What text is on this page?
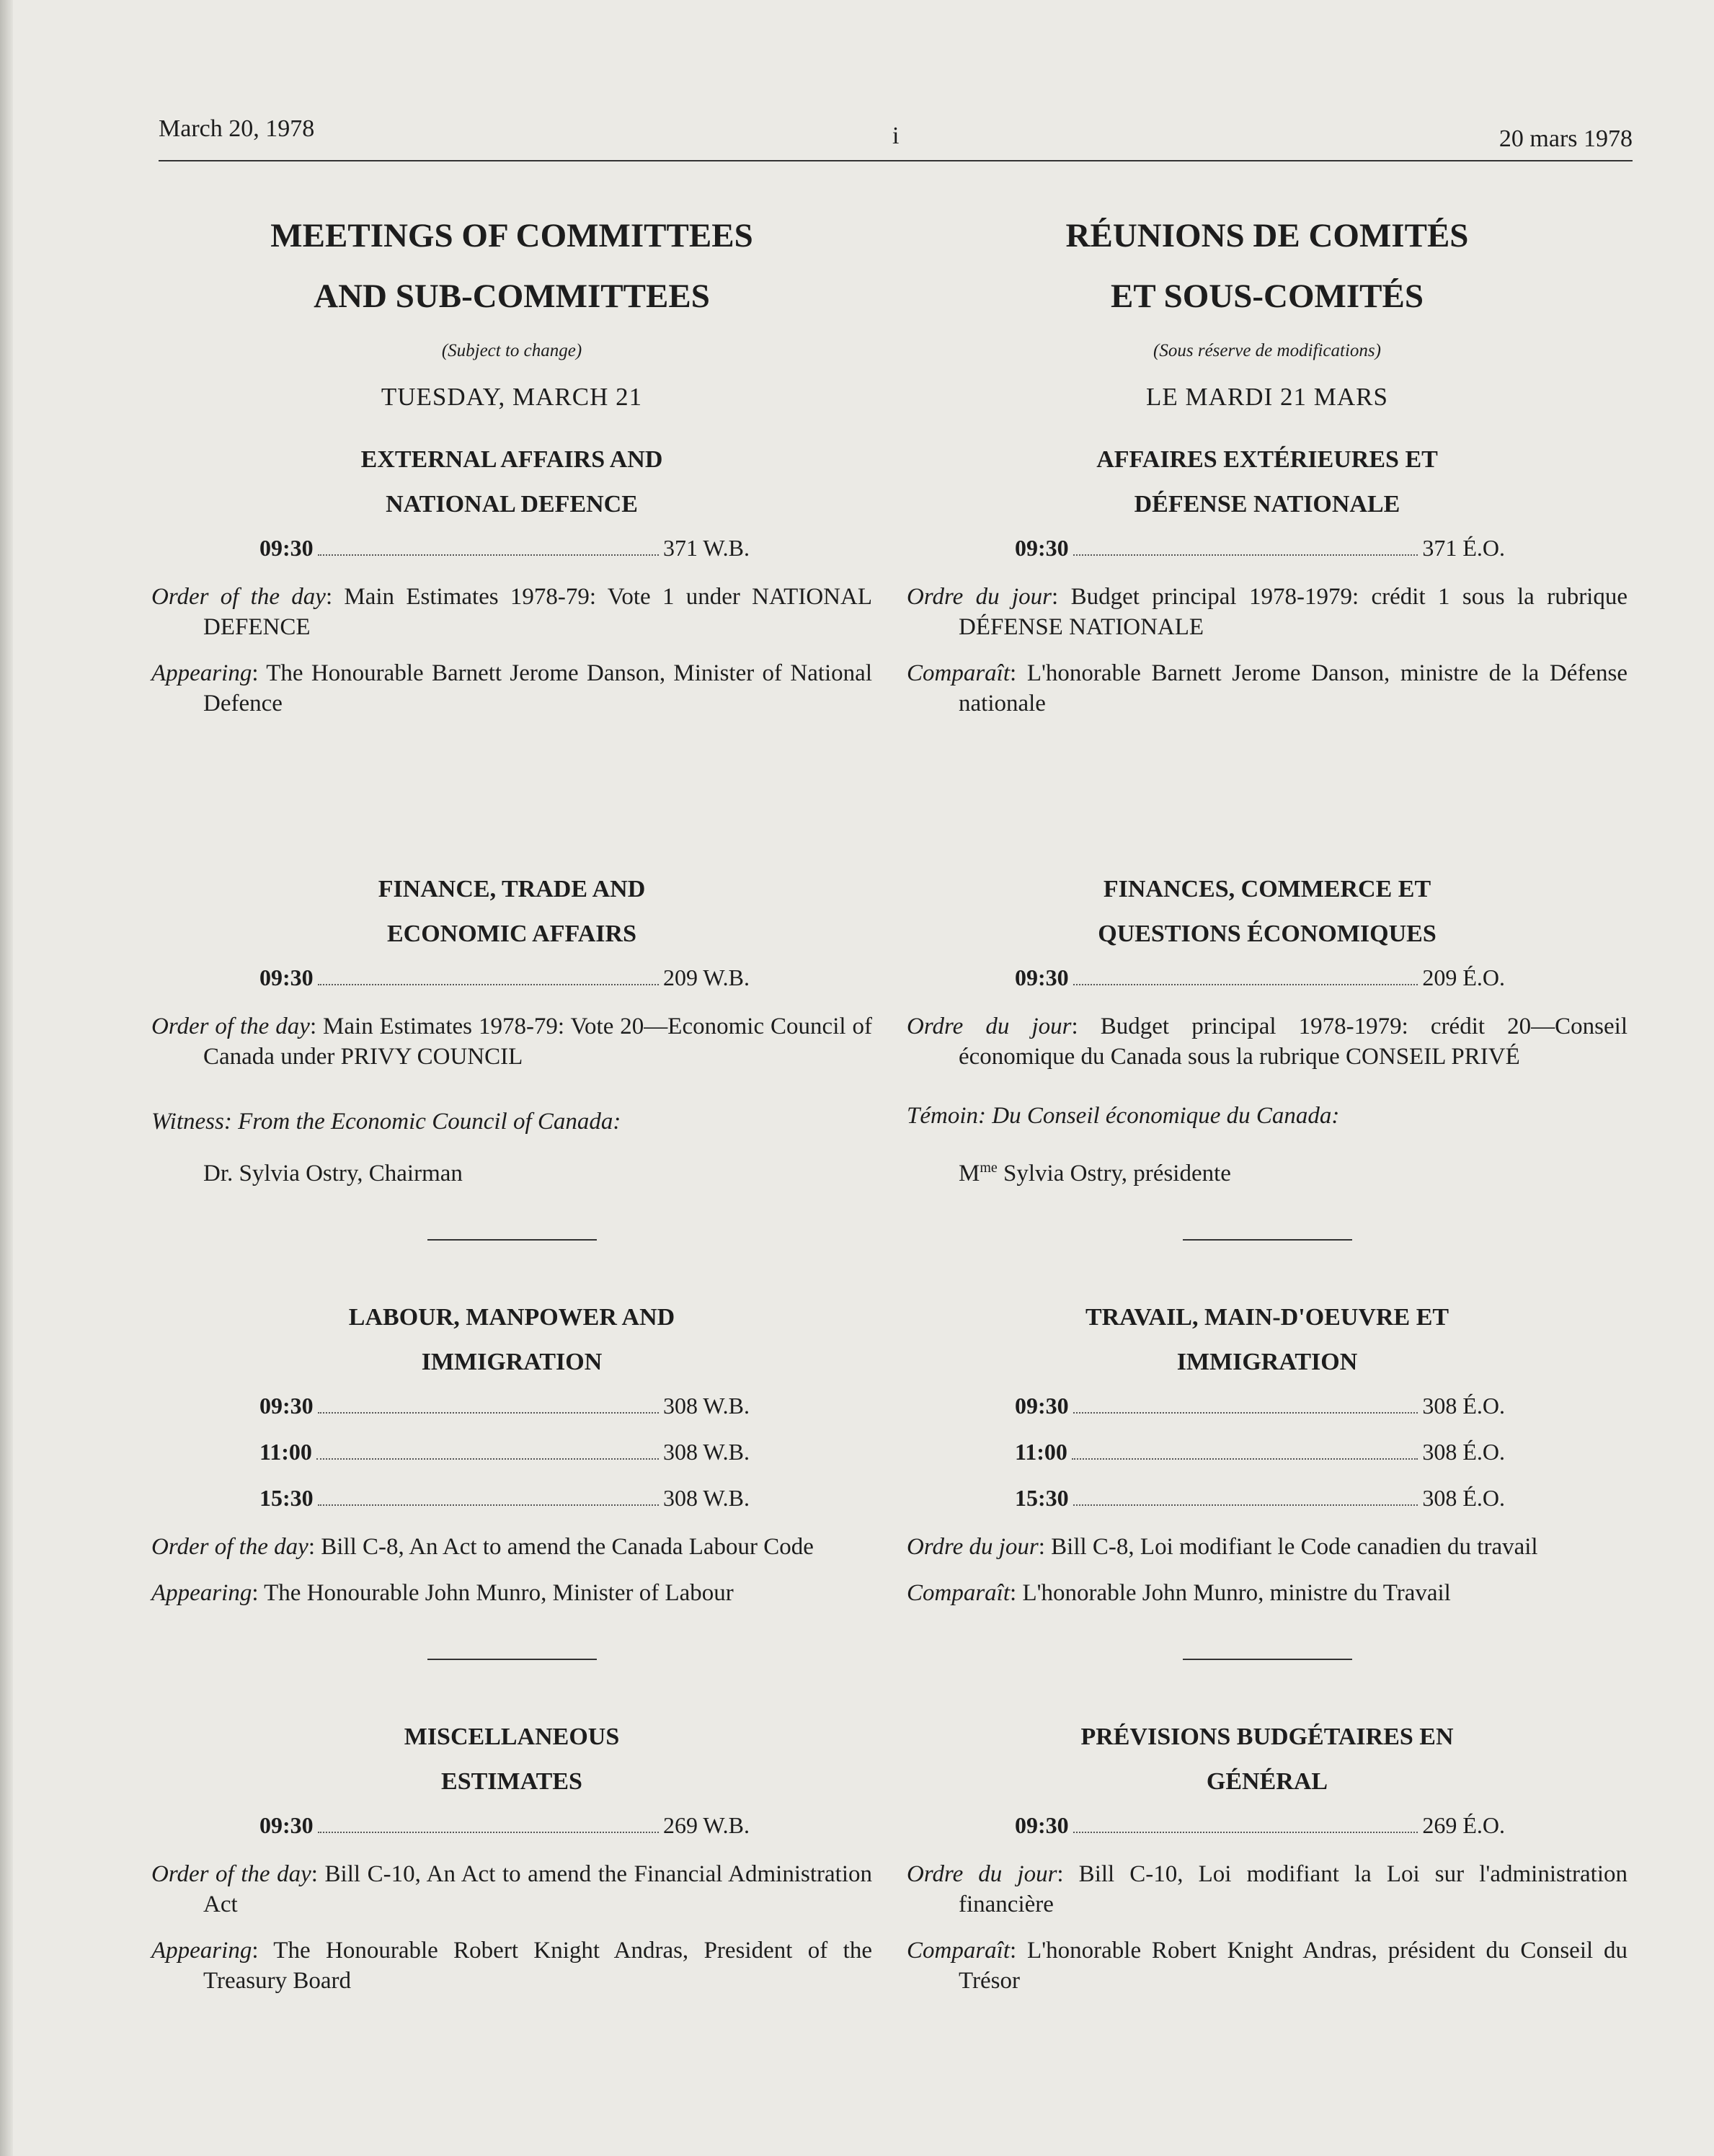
March 20, 1978	i	20 mars 1978

MEETINGS OF COMMITTEES

AND SUB-COMMITTEES

(Subject to change)
TUESDAY, MARCH 21

EXTERNAL AFFAIRS AND

NATIONAL DEFENCE

09:30	371 W.B.

Order of the day: Main Estimates 1978-79: Vote 1 under NATIONAL DEFENCE

Appearing: The Honourable Barnett Jerome Danson, Minister of National Defence

FINANCE, TRADE AND

ECONOMIC AFFAIRS

09:30	209 W.B.

Order of the day: Main Estimates 1978-79: Vote 20—Economic Council of Canada under PRIVY COUNCIL

Witness: From the Economic Council of Canada:

Dr. Sylvia Ostry, Chairman

LABOUR, MANPOWER AND

IMMIGRATION

09:30	308 W.B.
11:00	308 W.B.
15:30	308 W.B.

Order of the day: Bill C-8, An Act to amend the Canada Labour Code

Appearing: The Honourable John Munro, Minister of Labour

MISCELLANEOUS

ESTIMATES

09:30	269 W.B.

Order of the day: Bill C-10, An Act to amend the Financial Administration Act

Appearing: The Honourable Robert Knight Andras, President of the Treasury Board

RÉUNIONS DE COMITÉS

ET SOUS-COMITÉS

(Sous réserve de modifications)
LE MARDI 21 MARS

AFFAIRES EXTÉRIEURES ET

DÉFENSE NATIONALE

09:30	371 É.O.

Ordre du jour: Budget principal 1978-1979: crédit 1 sous la rubrique DÉFENSE NATIONALE

Comparaît: L'honorable Barnett Jerome Danson, ministre de la Défense nationale

FINANCES, COMMERCE ET

QUESTIONS ÉCONOMIQUES

09:30	209 É.O.

Ordre du jour: Budget principal 1978-1979: crédit 20—Conseil économique du Canada sous la rubrique CONSEIL PRIVÉ

Témoin: Du Conseil économique du Canada:

$M^{me}$ Sylvia Ostry, présidente

TRAVAIL, MAIN-D'OEUVRE ET

IMMIGRATION

09:30	308 É.O.
11:00	308 É.O.
15:30	308 É.O.

Ordre du jour: Bill C-8, Loi modifiant le Code canadien du travail

Comparaît: L'honorable John Munro, ministre du Travail

PRÉVISIONS BUDGÉTAIRES EN

GÉNÉRAL

09:30	269 É.O.

Ordre du jour: Bill C-10, Loi modifiant la Loi sur l'administration financière

Comparaît: L'honorable Robert Knight Andras, président du Conseil du Trésor
